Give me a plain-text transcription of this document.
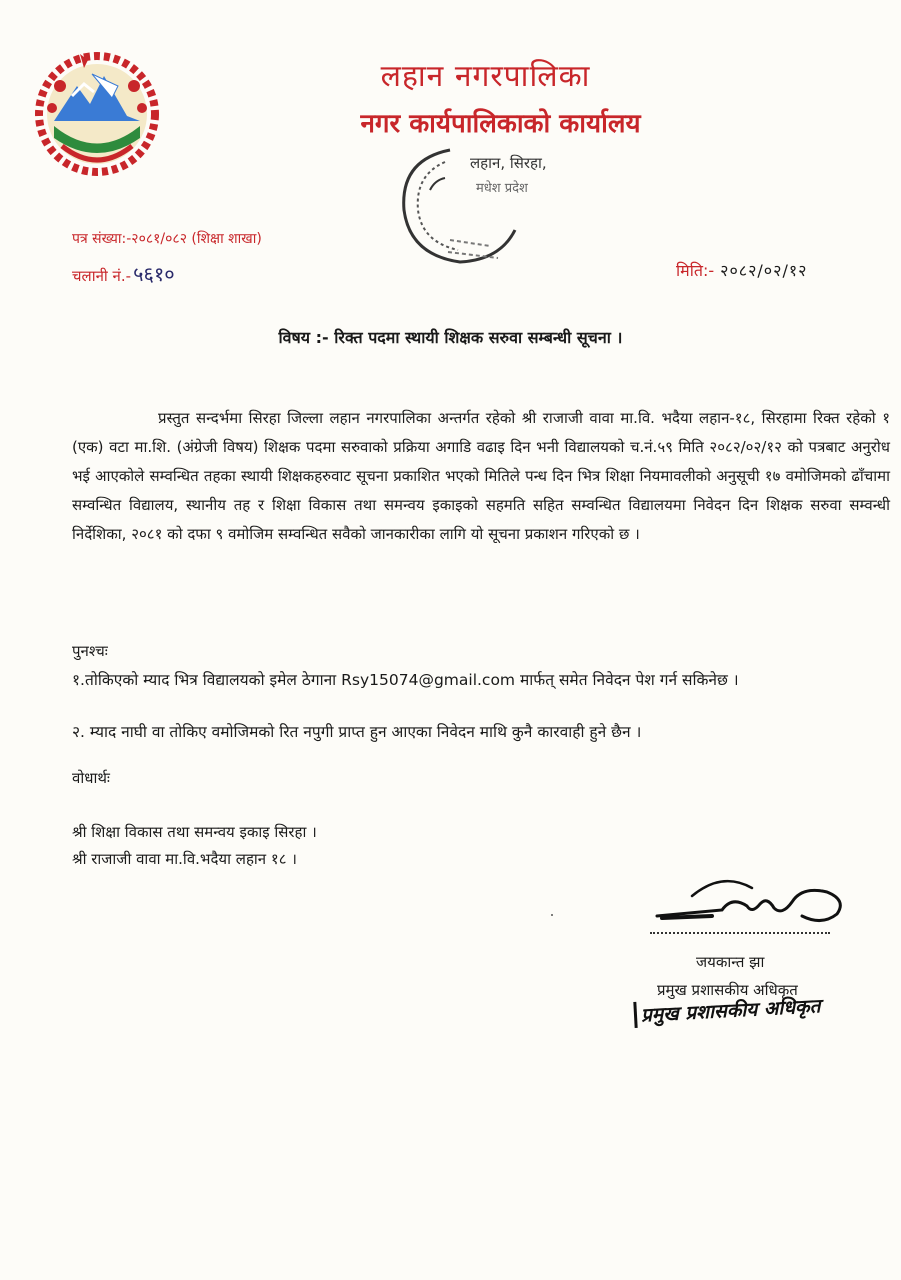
लहान नगरपालिका
नगर कार्यपालिकाको कार्यालय
लहान, सिरहा,
मधेश प्रदेश
पत्र संख्या:-२०८१/०८२ (शिक्षा शाखा)
चलानी नं.- ५६१०	मिति:- २०८२/०२/१२
विषय :- रिक्त पदमा स्थायी शिक्षक सरुवा सम्बन्धी सूचना ।
प्रस्तुत सन्दर्भमा सिरहा जिल्ला लहान नगरपालिका अन्तर्गत रहेको श्री राजाजी वावा मा.वि. भदैया लहान-१८, सिरहामा रिक्त रहेको १ (एक) वटा मा.शि. (अंग्रेजी विषय) शिक्षक पदमा सरुवाको प्रक्रिया अगाडि वढाइ दिन भनी विद्यालयको च.नं.५९ मिति २०८२/०२/१२ को पत्रबाट अनुरोध भई आएकोले सम्वन्धित तहका स्थायी शिक्षकहरुवाट सूचना प्रकाशित भएको मितिले पन्ध दिन भित्र शिक्षा नियमावलीको अनुसूची १७ वमोजिमको ढाँचामा सम्वन्धित विद्यालय, स्थानीय तह र शिक्षा विकास तथा समन्वय इकाइको सहमति सहित सम्वन्धित विद्यालयमा निवेदन दिन शिक्षक सरुवा सम्वन्धी निर्देशिका, २०८१ को दफा ९ वमोजिम सम्वन्धित सवैको जानकारीका लागि यो सूचना प्रकाशन गरिएको छ ।
पुनश्चः
१.तोकिएको म्याद भित्र विद्यालयको इमेल ठेगाना Rsy15074@gmail.com मार्फत् समेत निवेदन पेश गर्न सकिनेछ ।
२. म्याद नाघी वा तोकिए वमोजिमको रित नपुगी प्राप्त हुन आएका निवेदन माथि कुनै कारवाही हुने छैन ।
वोधार्थः
श्री शिक्षा विकास तथा समन्वय इकाइ सिरहा ।
श्री राजाजी वावा मा.वि.भदैया लहान १८ ।
जयकान्त झा
प्रमुख प्रशासकीय अधिकृत
प्रमुख प्रशासकीय अधिकृत
